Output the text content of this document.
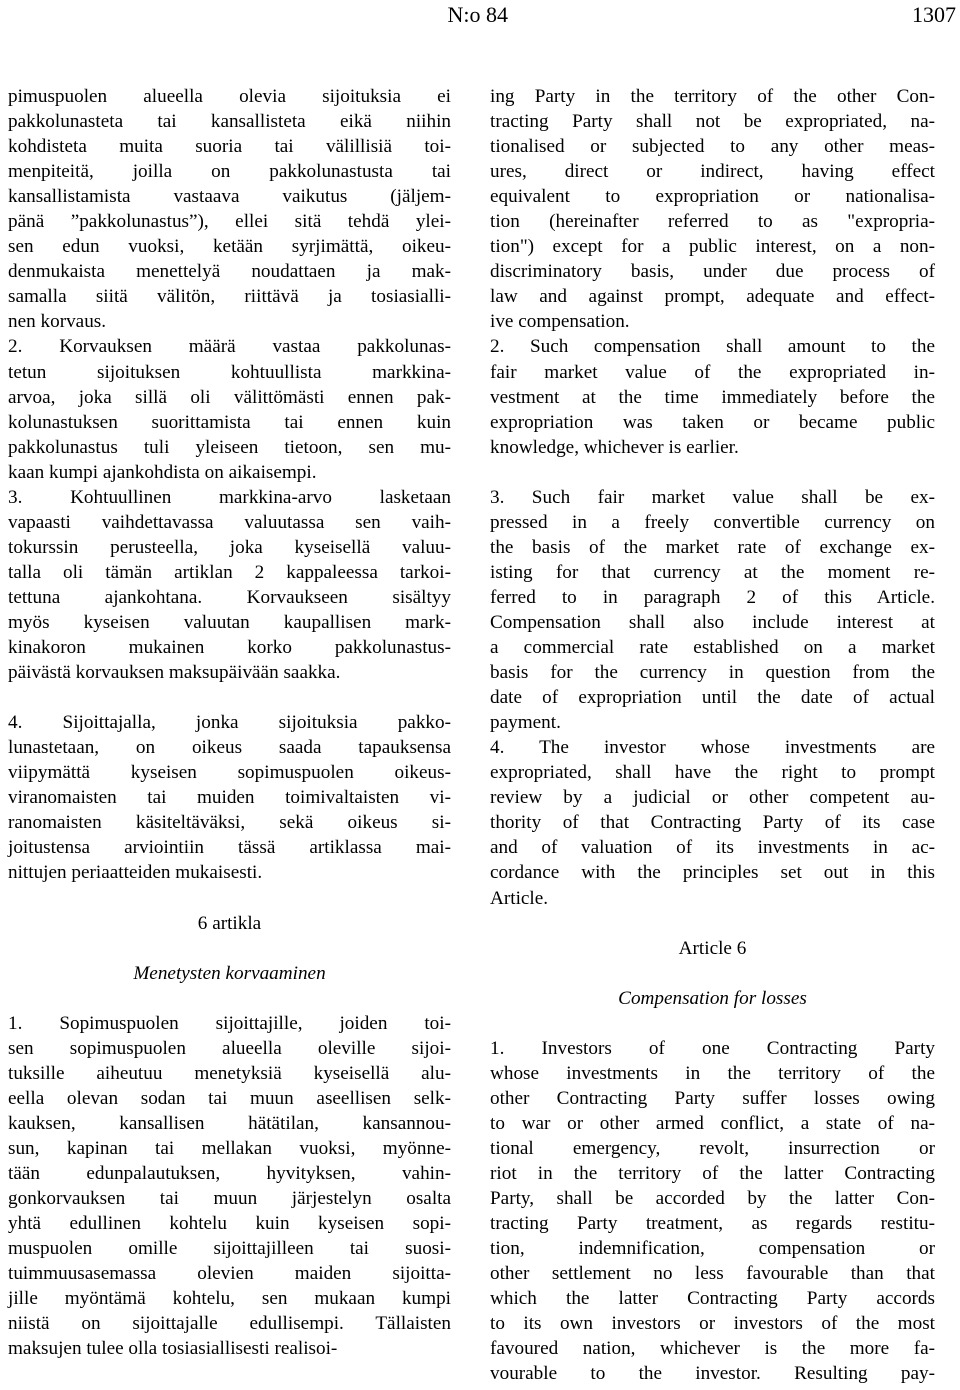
N:o 84	1307
pimuspuolen alueella olevia sijoituksia ei
pakkolunasteta tai kansallisteta eikä niihin
kohdisteta muita suoria tai välillisiä toi-
menpiteitä, joilla on pakkolunastusta tai
kansallistamista vastaava vaikutus (jäljem-
pänä ”pakkolunastus”), ellei sitä tehdä ylei-
sen edun vuoksi, ketään syrjimättä, oikeu-
denmukaista menettelyä noudattaen ja mak-
samalla siitä välitön, riittävä ja tosiasialli-
nen korvaus.
2. Korvauksen määrä vastaa pakkolunas-
tetun sijoituksen kohtuullista markkina-
arvoa, joka sillä oli välittömästi ennen pak-
kolunastuksen suorittamista tai ennen kuin
pakkolunastus tuli yleiseen tietoon, sen mu-
kaan kumpi ajankohdista on aikaisempi.
3. Kohtuullinen markkina-arvo lasketaan
vapaasti vaihdettavassa valuutassa sen vaih-
tokurssin perusteella, joka kyseisellä valuu-
talla oli tämän artiklan 2 kappaleessa tarkoi-
tettuna ajankohtana. Korvaukseen sisältyy
myös kyseisen valuutan kaupallisen mark-
kinakoron mukainen korko pakkolunastus-
päivästä korvauksen maksupäivään saakka.
4. Sijoittajalla, jonka sijoituksia pakko-
lunastetaan, on oikeus saada tapauksensa
viipymättä kyseisen sopimuspuolen oikeus-
viranomaisten tai muiden toimivaltaisten vi-
ranomaisten käsiteltäväksi, sekä oikeus si-
joitustensa arviointiin tässä artiklassa mai-
nittujen periaatteiden mukaisesti.
6 artikla
Menetysten korvaaminen
1. Sopimuspuolen sijoittajille, joiden toi-
sen sopimuspuolen alueella oleville sijoi-
tuksille aiheutuu menetyksiä kyseisellä alu-
eella olevan sodan tai muun aseellisen selk-
kauksen, kansallisen hätätilan, kansannou-
sun, kapinan tai mellakan vuoksi, myönne-
tään edunpalautuksen, hyvityksen, vahin-
gonkorvauksen tai muun järjestelyn osalta
yhtä edullinen kohtelu kuin kyseisen sopi-
muspuolen omille sijoittajilleen tai suosi-
tuimmuusasemassa olevien maiden sijoitta-
jille myöntämä kohtelu, sen mukaan kumpi
niistä on sijoittajalle edullisempi. Tällaisten
maksujen tulee olla tosiasiallisesti realisoi-
ing Party in the territory of the other Con-
tracting Party shall not be expropriated, na-
tionalised or subjected to any other meas-
ures, direct or indirect, having effect
equivalent to expropriation or nationalisa-
tion (hereinafter referred to as "expropria-
tion") except for a public interest, on a non-
discriminatory basis, under due process of
law and against prompt, adequate and effect-
ive compensation.
2. Such compensation shall amount to the
fair market value of the expropriated in-
vestment at the time immediately before the
expropriation was taken or became public
knowledge, whichever is earlier.
3. Such fair market value shall be ex-
pressed in a freely convertible currency on
the basis of the market rate of exchange ex-
isting for that currency at the moment re-
ferred to in paragraph 2 of this Article.
Compensation shall also include interest at
a commercial rate established on a market
basis for the currency in question from the
date of expropriation until the date of actual
payment.
4. The investor whose investments are
expropriated, shall have the right to prompt
review by a judicial or other competent au-
thority of that Contracting Party of its case
and of valuation of its investments in ac-
cordance with the principles set out in this
Article.
Article 6
Compensation for losses
1. Investors of one Contracting Party
whose investments in the territory of the
other Contracting Party suffer losses owing
to war or other armed conflict, a state of na-
tional emergency, revolt, insurrection or
riot in the territory of the latter Contracting
Party, shall be accorded by the latter Con-
tracting Party treatment, as regards restitu-
tion, indemnification, compensation or
other settlement no less favourable than that
which the latter Contracting Party accords
to its own investors or investors of the most
favoured nation, whichever is the more fa-
vourable to the investor. Resulting pay-
